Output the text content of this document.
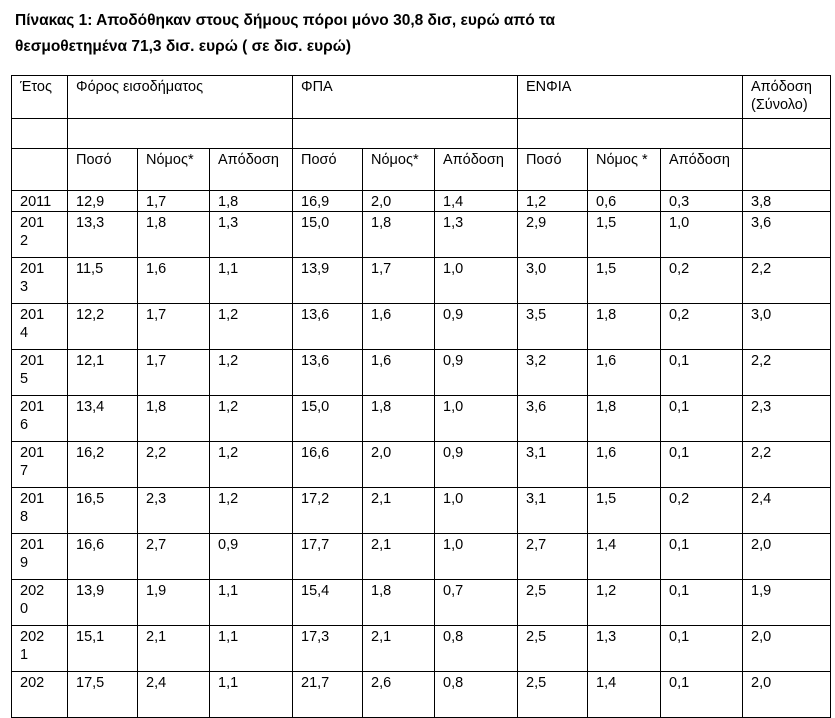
Πίνακας 1: Αποδόθηκαν στους δήμους πόροι μόνο 30,8 δισ, ευρώ από τα
θεσμοθετημένα 71,3 δισ. ευρώ ( σε δισ. ευρώ)
Έτος	Φόρος εισοδήματος			ΦΠΑ			ΕΝΦΙΑ			Απόδοση
(Σύνολο)

	Ποσό	Νόμος*	Απόδοση	Ποσό	Νόμος*	Απόδοση	Ποσό	Νόμος *	Απόδοση	
2011	12,9	1,7	1,8	16,9	2,0	1,4	1,2	0,6	0,3	3,8

201
2	13,3	1,8	1,3	15,0	1,8	1,3	2,9	1,5	1,0	3,6

201
3	11,5	1,6	1,1	13,9	1,7	1,0	3,0	1,5	0,2	2,2

201
4	12,2	1,7	1,2	13,6	1,6	0,9	3,5	1,8	0,2	3,0

201
5	12,1	1,7	1,2	13,6	1,6	0,9	3,2	1,6	0,1	2,2

201
6	13,4	1,8	1,2	15,0	1,8	1,0	3,6	1,8	0,1	2,3

201
7	16,2	2,2	1,2	16,6	2,0	0,9	3,1	1,6	0,1	2,2

201
8	16,5	2,3	1,2	17,2	2,1	1,0	3,1	1,5	0,2	2,4

201
9	16,6	2,7	0,9	17,7	2,1	1,0	2,7	1,4	0,1	2,0

202
0	13,9	1,9	1,1	15,4	1,8	0,7	2,5	1,2	0,1	1,9

202
1	15,1	2,1	1,1	17,3	2,1	0,8	2,5	1,3	0,1	2,0
202	17,5	2,4	1,1	21,7	2,6	0,8	2,5	1,4	0,1	2,0
